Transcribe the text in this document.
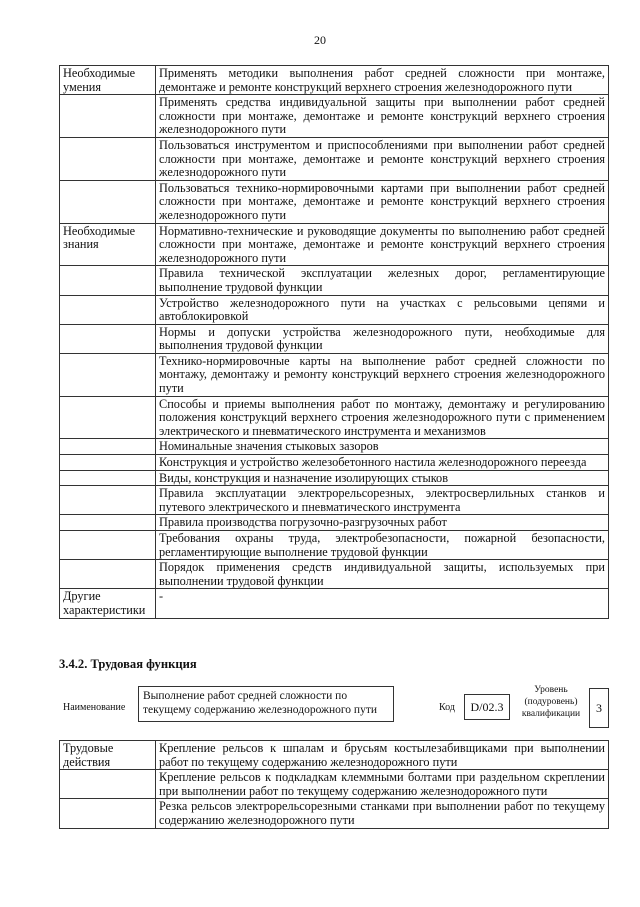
20
Необходимые умения	Применять методики выполнения работ средней сложности при монтаже, демонтаже и ремонте конструкций верхнего строения железнодорожного пути
	Применять средства индивидуальной защиты при выполнении работ средней сложности при монтаже, демонтаже и ремонте конструкций верхнего строения железнодорожного пути
	Пользоваться инструментом и приспособлениями при выполнении работ средней сложности при монтаже, демонтаже и ремонте конструкций верхнего строения железнодорожного пути
	Пользоваться технико-нормировочными картами при выполнении работ средней сложности при монтаже, демонтаже и ремонте конструкций верхнего строения железнодорожного пути
Необходимые знания	Нормативно-технические и руководящие документы по выполнению работ средней сложности при монтаже, демонтаже и ремонте конструкций верхнего строения железнодорожного пути
	Правила технической эксплуатации железных дорог, регламентирующие выполнение трудовой функции
	Устройство железнодорожного пути на участках с рельсовыми цепями и автоблокировкой
	Нормы и допуски устройства железнодорожного пути, необходимые для выполнения трудовой функции
	Технико-нормировочные карты на выполнение работ средней сложности по монтажу, демонтажу и ремонту конструкций верхнего строения железнодорожного пути
	Способы и приемы выполнения работ по монтажу, демонтажу и регулированию положения конструкций верхнего строения железнодорожного пути с применением электрического и пневматического инструмента и механизмов
	Номинальные значения стыковых зазоров
	Конструкция и устройство железобетонного настила железнодорожного переезда
	Виды, конструкция и назначение изолирующих стыков
	Правила эксплуатации электрорельсорезных, электросверлильных станков и путевого электрического и пневматического инструмента
	Правила производства погрузочно-разгрузочных работ
	Требования охраны труда, электробезопасности, пожарной безопасности, регламентирующие выполнение трудовой функции
	Порядок применения средств индивидуальной защиты, используемых при выполнении трудовой функции
Другие характеристики	-
3.4.2. Трудовая функция
Наименование
Выполнение работ средней сложности по текущему содержанию железнодорожного пути	Код	D/02.3
Уровень (подуровень) квалификации	3
Трудовые действия	Крепление рельсов к шпалам и брусьям костылезабивщиками при выполнении работ по текущему содержанию железнодорожного пути
	Крепление рельсов к подкладкам клеммными болтами при раздельном скреплении при выполнении работ по текущему содержанию железнодорожного пути
	Резка рельсов электрорельсорезными станками при выполнении работ по текущему содержанию железнодорожного пути
